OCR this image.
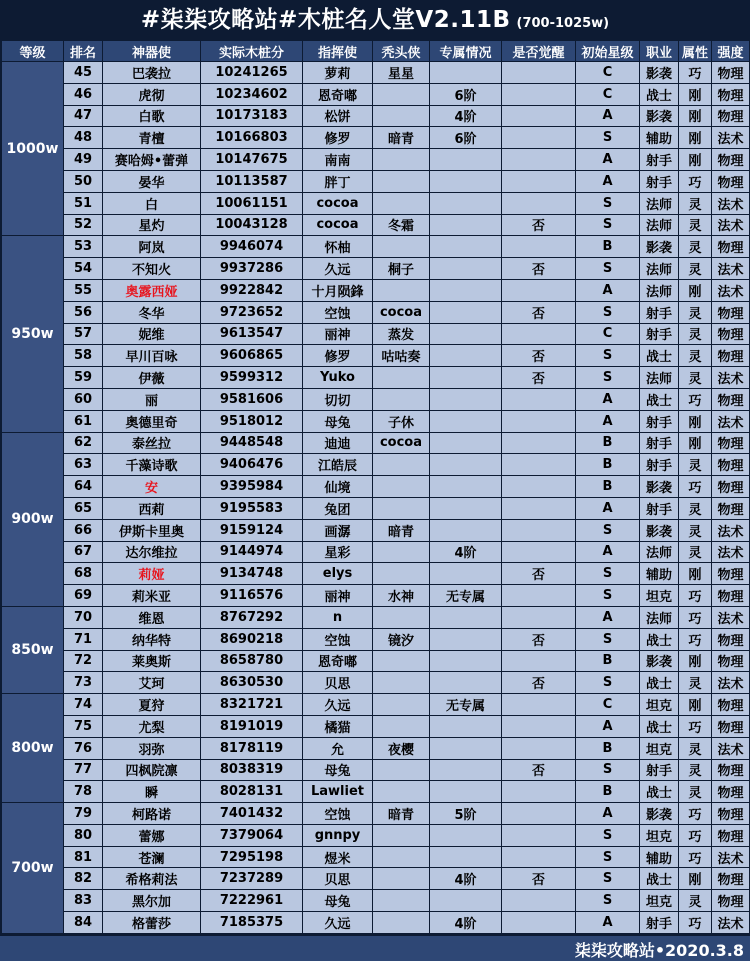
#柒柒攻略站#木桩名人堂V2.11B (700-1025w)
等级	排名	神器使	实际木桩分	指挥使	秃头侠	专属情况	是否觉醒	初始星级	职业	属性	强度
1000w	45	巴袭拉	10241265	萝莉	星星			C	影袭	巧	物理
	46	虎彻	10234602	恩奇嘟		6阶		C	战士	刚	物理
	47	白歌	10173183	松饼		4阶		A	影袭	刚	物理
	48	青檀	10166803	修罗	暗青	6阶		S	辅助	刚	法术
	49	赛哈姆•蕾弹	10147675	南南				A	射手	刚	物理
	50	晏华	10113587	胖丁				A	射手	巧	物理
	51	白	10061151	cocoa				S	法师	灵	法术
	52	星灼	10043128	cocoa	冬霜		否	S	法师	灵	法术
950w	53	阿岚	9946074	怀柚				B	影袭	灵	物理
	54	不知火	9937286	久远	桐子		否	S	法师	灵	法术
	55	奥露西娅	9922842	十月陨鋒				A	法师	刚	法术
	56	冬华	9723652	空蚀	cocoa		否	S	射手	灵	物理
	57	妮维	9613547	丽神	蒸发			C	射手	灵	物理
	58	早川百咏	9606865	修罗	咕咕奏		否	S	战士	灵	物理
	59	伊薇	9599312	Yuko			否	S	法师	灵	法术
	60	丽	9581606	切切				A	战士	巧	物理
	61	奥德里奇	9518012	母兔	子休			A	射手	刚	法术
900w	62	泰丝拉	9448548	迪迪	cocoa			B	射手	刚	物理
	63	千藻诗歌	9406476	江皓辰				B	射手	灵	物理
	64	安	9395984	仙境				B	影袭	巧	物理
	65	西莉	9195583	兔团				A	射手	灵	物理
	66	伊斯卡里奥	9159124	画潺	暗青			S	影袭	灵	法术
	67	达尔维拉	9144974	星彩		4阶		A	法师	灵	法术
	68	莉娅	9134748	elys			否	S	辅助	刚	物理
	69	莉米亚	9116576	丽神	水神	无专属		S	坦克	巧	物理
850w	70	维恩	8767292	n				A	法师	巧	法术
	71	纳华特	8690218	空蚀	镜汐		否	S	战士	巧	物理
	72	莱奥斯	8658780	恩奇嘟				B	影袭	刚	物理
	73	艾珂	8630530	贝思			否	S	战士	灵	法术
800w	74	夏狩	8321721	久远		无专属		C	坦克	刚	物理
	75	尤梨	8191019	橘猫				A	战士	巧	物理
	76	羽弥	8178119	允	夜樱			B	坦克	灵	法术
	77	四枫院凛	8038319	母兔			否	S	射手	灵	物理
	78	瞬	8028131	Lawliet				B	战士	灵	物理
700w	79	柯路诺	7401432	空蚀	暗青	5阶		A	影袭	巧	物理
	80	蕾娜	7379064	gnnpy				S	坦克	巧	物理
	81	苍澜	7295198	煜米				S	辅助	巧	法术
	82	希格莉法	7237289	贝思		4阶	否	S	战士	刚	物理
	83	黑尔加	7222961	母兔				S	坦克	灵	物理
	84	格蕾莎	7185375	久远		4阶		A	射手	巧	法术
柒柒攻略站•2020.3.8
